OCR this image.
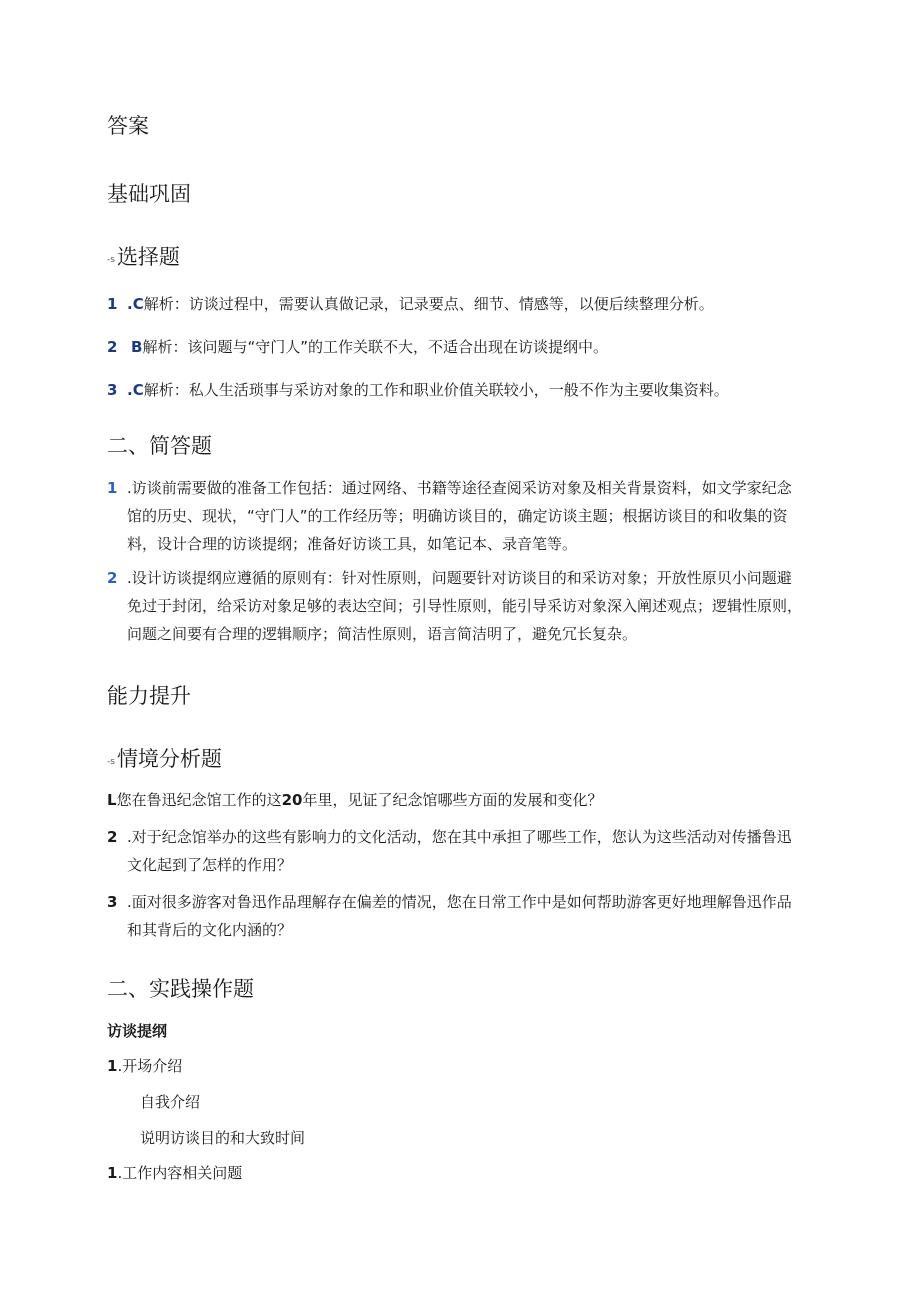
答案
基础巩固
-s选择题
1 .C解析：访谈过程中，需要认真做记录，记录要点、细节、情感等，以便后续整理分析。
2 B解析：该问题与“守门人”的工作关联不大，不适合出现在访谈提纲中。
3 .C解析：私人生活琐事与采访对象的工作和职业价值关联较小，一般不作为主要收集资料。
二、简答题
1 .访谈前需要做的准备工作包括：通过网络、书籍等途径查阅采访对象及相关背景资料，如文学家纪念馆的历史、现状，“守门人”的工作经历等；明确访谈目的，确定访谈主题；根据访谈目的和收集的资料，设计合理的访谈提纲；准备好访谈工具，如笔记本、录音笔等。
2 .设计访谈提纲应遵循的原则有：针对性原则，问题要针对访谈目的和采访对象；开放性原贝小问题避免过于封闭，给采访对象足够的表达空间；引导性原则，能引导采访对象深入阐述观点；逻辑性原则，问题之间要有合理的逻辑顺序；简洁性原则，语言简洁明了，避免冗长复杂。
能力提升
-s情境分析题
L您在鲁迅纪念馆工作的这20年里，见证了纪念馆哪些方面的发展和变化？
2 .对于纪念馆举办的这些有影响力的文化活动，您在其中承担了哪些工作，您认为这些活动对传播鲁迅文化起到了怎样的作用？
3 .面对很多游客对鲁迅作品理解存在偏差的情况，您在日常工作中是如何帮助游客更好地理解鲁迅作品和其背后的文化内涵的？
二、实践操作题
访谈提纲
1.开场介绍
自我介绍
说明访谈目的和大致时间
1.工作内容相关问题
